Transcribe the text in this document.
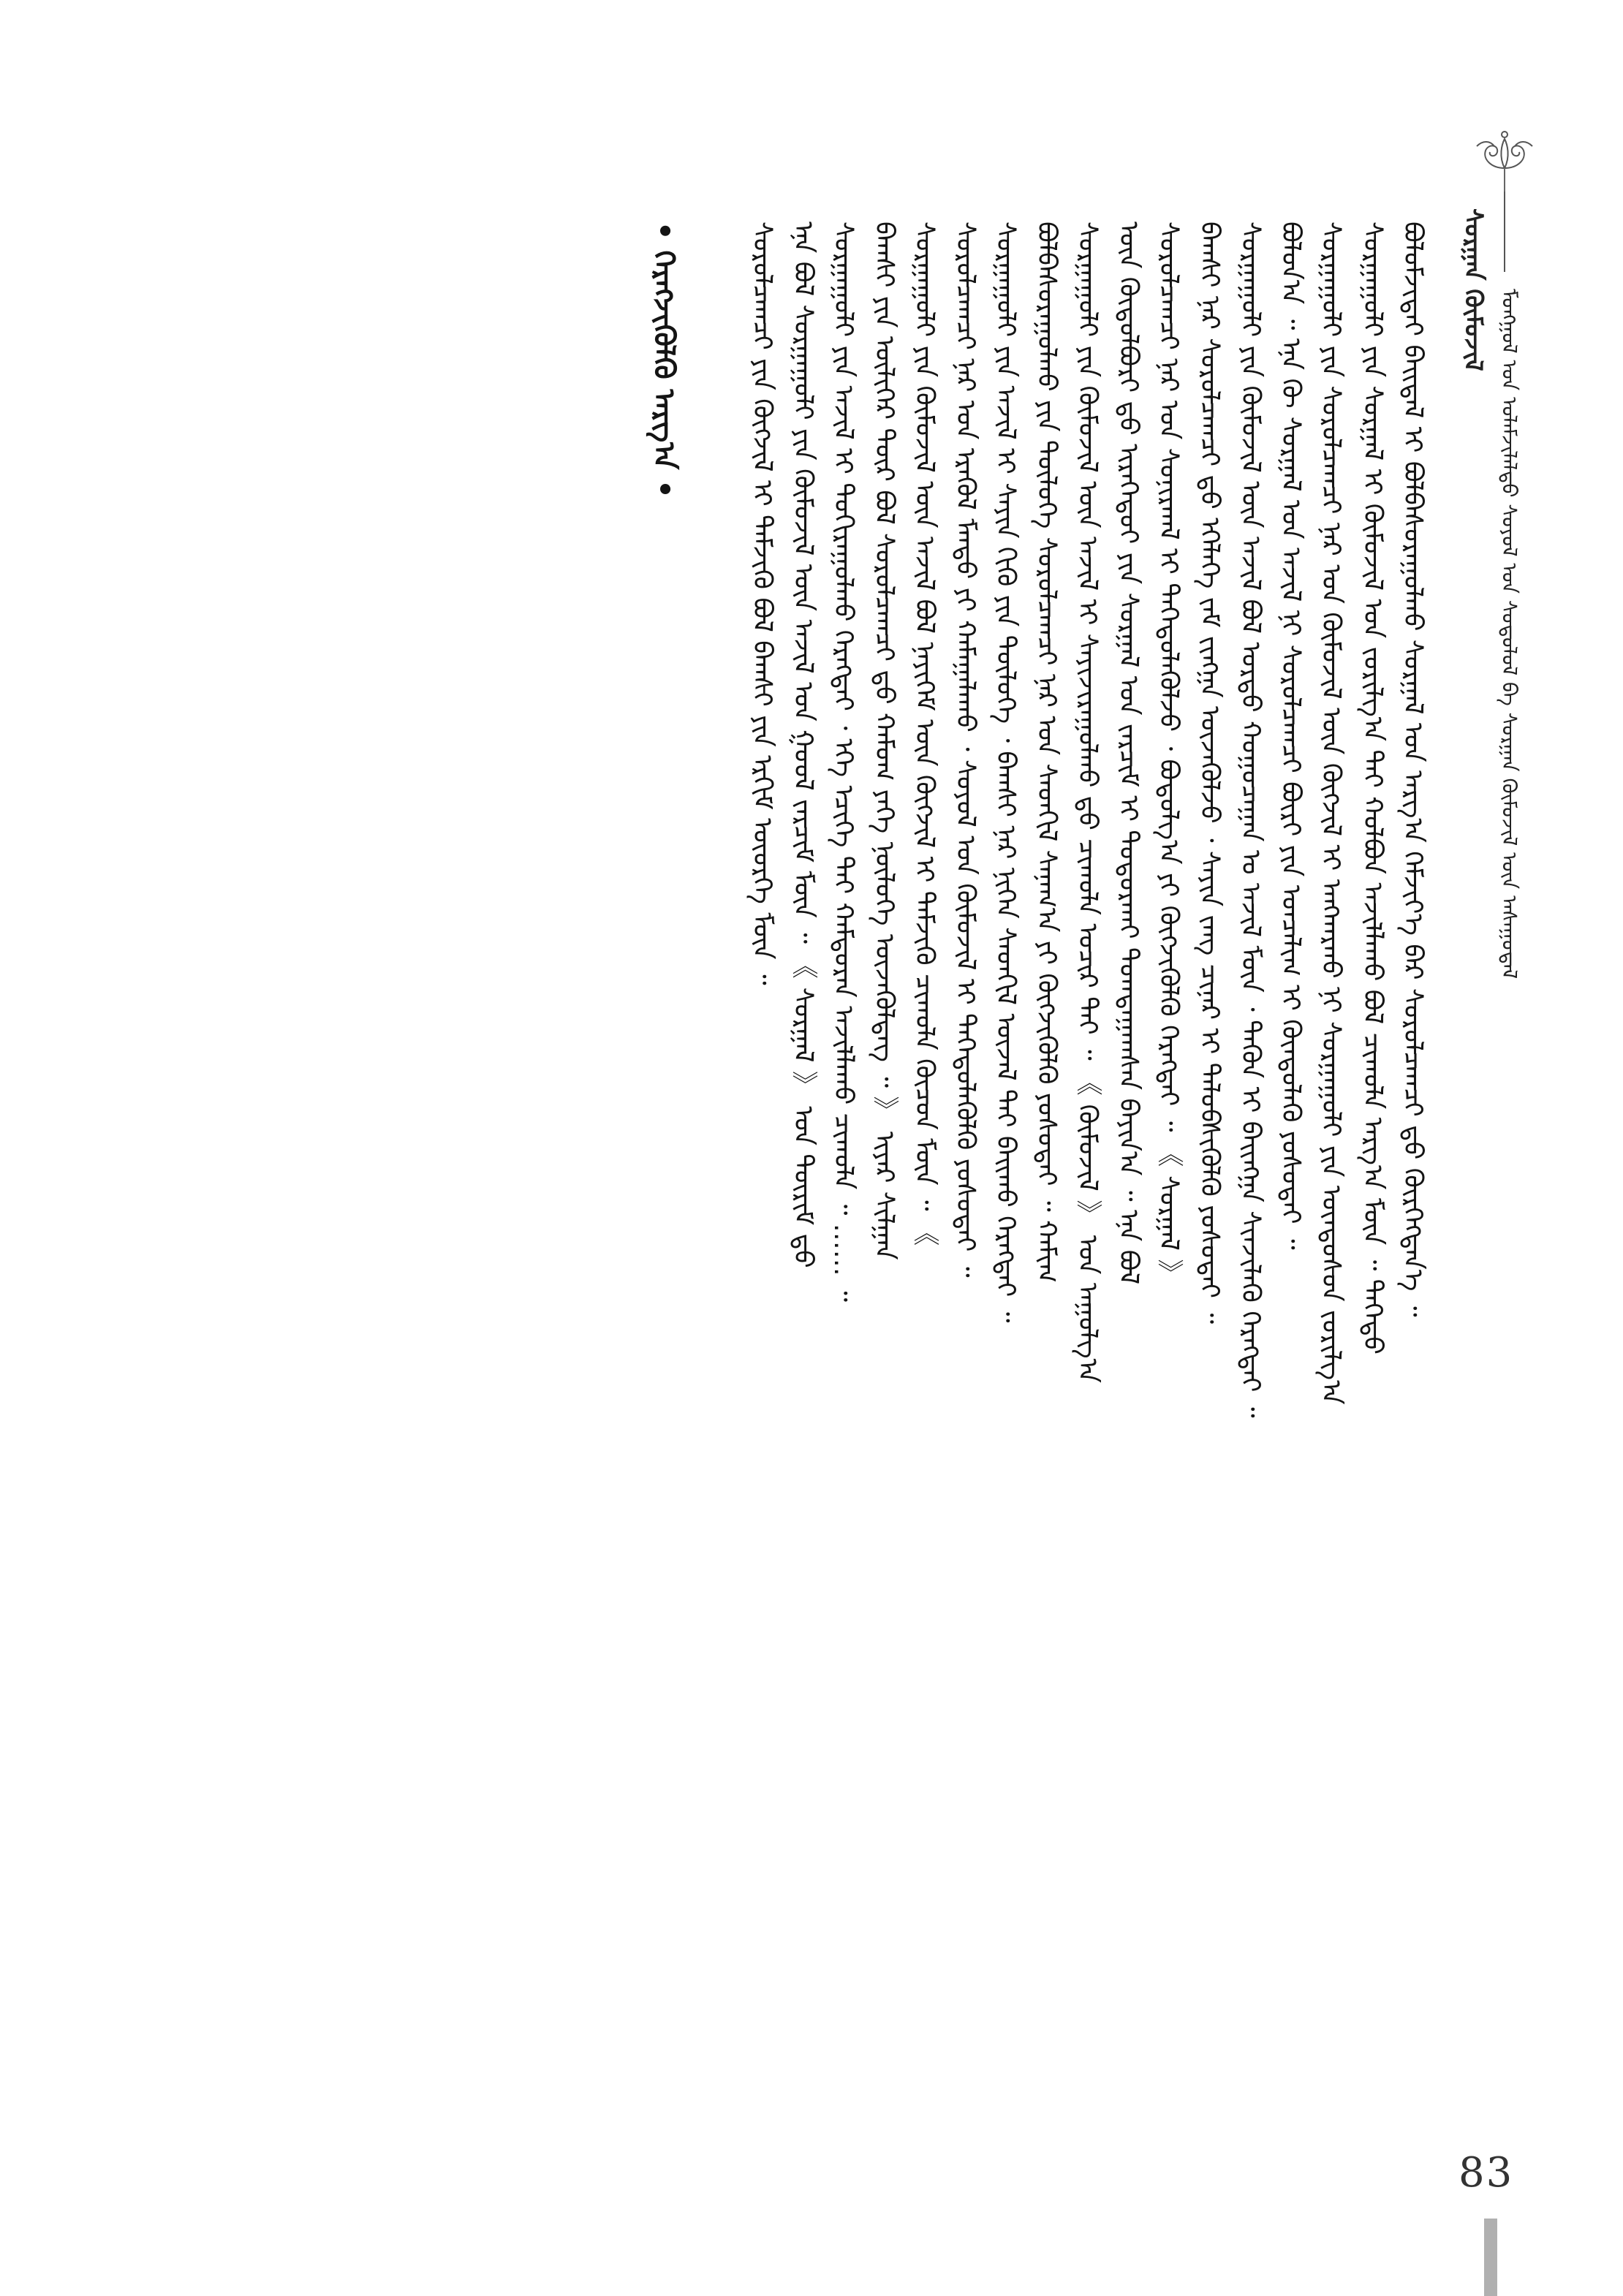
ᠮᠣᠩᠭᠣᠯ ᠤᠨ ᠤᠯᠠᠮᠵᠢᠯᠠᠯᠲᠤ ᠰᠣᠶᠤᠯ ᠤᠨ ᠰᠤᠳᠤᠯᠤᠯ ᠪᠠ ᠰᠤᠷᠭᠠᠨ ᠬᠦᠮᠦᠵᠢᠯ ᠦᠨ ᠠᠰᠠᠭᠤᠳᠠᠯ
ᠰᠤᠷᠭᠠᠨ ᠬᠦᠮᠦᠵᠢᠯ
ᠪᠣᠯᠤᠮᠵᠢᠲᠠᠢ ᠪᠠᠢᠳᠠᠯ ᠢ ᠪᠣᠯᠪᠠᠰᠤᠷᠠᠭᠤᠯᠬᠤ ᠰᠤᠷᠭᠠᠯ ᠤᠨ ᠠᠷᠭ᠎ᠠ ᠬᠡᠮᠵᠢᠶ᠎ᠡ ᠪᠡᠷ ᠰᠤᠷᠤᠯᠴᠠᠭᠴᠢ ᠳ᠋ᠤ ᠬᠦᠷᠭᠡᠭᠳᠡᠨ᠎ᠡ ᠃
ᠰᠤᠷᠭᠠᠭᠤᠯᠢ ᠶᠢᠨ ᠰᠤᠷᠭᠠᠯ ᠢ ᠬᠦᠮᠦᠵᠢᠯ ᠤᠨ ᠵᠣᠷᠢᠯᠭ᠎ᠠ ᠲᠠᠢ ᠬᠣᠯᠪᠣᠨ ᠠᠵᠢᠯᠯᠠᠬᠤ ᠪᠣᠯ ᠴᠢᠬᠤᠯᠠ ᠠᠷᠭ᠎ᠠ ᠮᠥᠨ ᠃ ᠳᠡᠭᠡᠳᠦ
ᠰᠤᠷᠭᠠᠭᠤᠯᠢ ᠶᠢᠨ ᠰᠤᠷᠤᠯᠴᠠᠭᠴᠢ ᠨᠠᠷ ᠤᠨ ᠬᠦᠮᠦᠵᠢᠯ ᠦᠨ ᠬᠥᠭᠵᠢᠯ ᠢ ᠠᠩᠬᠠᠷᠬᠤ ᠨᠢ ᠰᠤᠷᠭᠠᠭᠤᠯᠢ ᠶᠢᠨ ᠦᠨᠳᠦᠰᠦᠨ ᠵᠣᠷᠢᠯᠭ᠎ᠠ
ᠪᠣᠯᠤᠨ᠎ᠠ ᠃ ᠡᠨᠡ ᠬᠦ ᠰᠤᠷᠭᠠᠯ ᠤᠨ ᠠᠵᠢᠯ ᠨᠢ ᠰᠤᠷᠤᠯᠴᠠᠭᠴᠢ ᠪᠦᠷᠢ ᠶᠢᠨ ᠣᠨᠴᠠᠯᠢᠭ ᠢ ᠬᠦᠨᠳᠦᠯᠡᠬᠦ ᠶᠣᠰᠣᠲᠠᠢ ᠃
ᠰᠤᠷᠭᠠᠭᠤᠯᠢ ᠶᠢᠨ ᠬᠦᠮᠦᠵᠢᠯ ᠦᠨ ᠠᠵᠢᠯ ᠪᠣᠯ ᠤᠷᠲᠤ ᠬᠤᠭᠤᠴᠠᠭᠠᠨ ᠤ ᠠᠵᠢᠯ ᠮᠥᠨ ᠂ ᠲᠡᠭᠦᠨ ᠢ ᠪᠠᠢᠩᠭᠠ ᠰᠢᠨᠵᠢᠯᠡᠬᠦ ᠬᠡᠷᠡᠭᠲᠡᠢ ᠃
ᠪᠠᠭᠰᠢ ᠨᠠᠷ ᠰᠤᠷᠤᠯᠴᠠᠭᠴᠢ ᠳ᠋ᠤ ᠡᠭᠡᠯᠡᠭᠡ ᠵᠠᠮ ᠵᠢᠩᠭᠠ ᠦᠵᠡᠭᠦᠯᠵᠦ ᠂ ᠰᠠᠶᠢᠨ ᠵᠠᠩ ᠴᠢᠨᠠᠷ ᠢ ᠲᠡᠯᠦᠪᠰᠢᠭᠦᠯᠬᠦ ᠶᠣᠰᠣᠲᠠᠢ ᠃
ᠰᠤᠷᠤᠯᠴᠠᠭᠴᠢ ᠨᠠᠷ ᠤᠨ ᠰᠣᠨᠢᠷᠬᠠᠯ ᠢ ᠳᠡᠭᠡᠳᠦᠯᠡᠭᠦᠯᠵᠦ ᠂ ᠪᠣᠳᠤᠯᠭ᠎ᠠ ᠶᠢ ᠬᠥᠭᠵᠢᠭᠦᠯᠬᠦ ᠬᠡᠷᠡᠭᠲᠡᠢ ᠃ 《 ᠰᠤᠷᠭᠠᠯ 》
ᠦᠨ ᠬᠥᠲᠥᠯᠪᠦᠷᠢ ᠳ᠋ᠤ ᠢᠷᠡᠭᠡᠳᠦᠢ ᠶᠢᠨ ᠰᠤᠷᠭᠠᠯ ᠤᠨ ᠵᠠᠷᠴᠢᠮ ᠢ ᠲᠣᠳᠤᠷᠬᠠᠢ ᠲᠣᠭᠲᠠᠭᠠᠭᠰᠠᠨ ᠪᠠᠶᠢᠨ᠎ᠠ ᠃ ᠡᠨᠡ ᠪᠣᠯ
ᠰᠤᠷᠭᠠᠭᠤᠯᠢ ᠶᠢᠨ ᠬᠦᠮᠦᠵᠢᠯ ᠦᠨ ᠠᠵᠢᠯ ᠢ ᠰᠠᠶᠢᠵᠢᠷᠠᠭᠤᠯᠬᠤ ᠳ᠋ᠤ ᠴᠢᠬᠤᠯᠠ ᠤᠴᠢᠷ ᠲᠠᠢ ᠃ 《 ᠬᠦᠮᠦᠵᠢᠯ 》 ᠤᠨ ᠠᠭᠤᠯᠭ᠎ᠠ
ᠪᠣᠯᠪᠠᠰᠤᠷᠠᠭᠤᠯᠬᠤ ᠶᠢᠨ ᠲᠦᠯᠦᠭᠡ ᠰᠤᠷᠤᠯᠴᠠᠭᠴᠢ ᠨᠠᠷ ᠤᠨ ᠰᠡᠳᠬᠢᠯ ᠰᠠᠨᠠᠭ᠎ᠠ ᠶᠢ ᠬᠥᠭᠵᠢᠭᠦᠯᠬᠦ ᠶᠣᠰᠣᠲᠠᠢ ᠃ ᠬᠠᠮᠢᠭ
ᠰᠤᠷᠭᠠᠭᠤᠯᠢ ᠶᠢᠨ ᠠᠵᠢᠯ ᠢ ᠰᠠᠶᠢᠨ ᠬᠢᠬᠦ ᠶᠢᠨ ᠲᠥᠯᠥᠭᠡ ᠂ ᠪᠠᠭᠰᠢ ᠨᠠᠷ ᠨᠢᠭᠡᠨ ᠰᠡᠳᠬᠢᠯ ᠦᠵᠡᠯ ᠲᠡᠢ ᠪᠠᠢᠬᠤ ᠬᠡᠷᠡᠭᠲᠡᠢ ᠃
ᠰᠤᠷᠤᠯᠴᠠᠭᠴᠢ ᠨᠠᠷ ᠤᠨ ᠡᠷᠡᠭᠦᠯ ᠮᠡᠨᠳᠦ ᠶᠢ ᠬᠠᠮᠠᠭᠠᠯᠠᠬᠤ ᠂ ᠰᠣᠶᠣᠯ ᠤᠨ ᠬᠦᠮᠦᠵᠢᠯ ᠢ ᠳᠡᠭᠡᠳᠦᠯᠡᠭᠦᠯᠬᠦ ᠶᠣᠰᠣᠲᠠᠢ ᠃
ᠰᠤᠷᠭᠠᠭᠤᠯᠢ ᠶᠢᠨ ᠬᠦᠮᠦᠵᠢᠯ ᠦᠨ ᠠᠵᠢᠯ ᠪᠣᠯ ᠨᠡᠶᠢᠭᠡᠮ ᠦᠨ ᠬᠥᠭᠵᠢᠯ ᠢ ᠳᠡᠮᠵᠢᠬᠦ ᠴᠢᠬᠤᠯᠠ ᠬᠦᠴᠦᠨ ᠮᠥᠨ ᠃ 《
ᠪᠠᠭᠰᠢ ᠶᠢᠨ ᠦᠯᠢᠭᠡᠷ ᠳᠦᠷ ᠪᠣᠯ ᠰᠤᠷᠤᠯᠴᠠᠭᠴᠢ ᠳ᠋ᠤ ᠬᠠᠮᠤᠭ ᠶᠡᠬᠡ ᠨᠥᠯᠥᠭᠡ ᠦᠵᠡᠭᠦᠯᠳᠡᠭ ᠃ 》 ᠢᠶᠠᠷ ᠰᠢᠯᠭᠠᠨ
ᠰᠤᠷᠭᠠᠭᠤᠯᠢ ᠶᠢᠨ ᠠᠵᠢᠯ ᠢ ᠲᠣᠬᠢᠷᠠᠭᠤᠯᠬᠤ ᠬᠡᠷᠡᠭᠲᠡᠢ ᠂ ᠡᠬᠡ ᠡᠴᠢᠭᠡ ᠲᠠᠢ ᠬᠠᠮᠲᠤᠷᠠᠨ ᠠᠵᠢᠯᠯᠠᠬᠤ ᠴᠢᠬᠤᠯᠠ ᠃ …… ᠃
ᠡᠨᠡ ᠪᠣᠯ ᠰᠤᠷᠭᠠᠭᠤᠯᠢ ᠶᠢᠨ ᠬᠦᠮᠦᠵᠢᠯ ᠦᠨ ᠠᠵᠢᠯ ᠤᠨ ᠭᠣᠣᠯ ᠵᠠᠷᠴᠢᠮ ᠮᠥᠨ ᠃ 《 ᠰᠤᠷᠭᠠᠯ 》 ᠤᠨ ᠳᠦᠷᠢᠮ ᠳ᠋ᠤ
ᠰᠤᠷᠤᠯᠴᠠᠭᠴᠢ ᠶᠢᠨ ᠬᠥᠭᠵᠢᠯ ᠢ ᠳᠡᠮᠵᠢᠬᠦ ᠪᠣᠯ ᠪᠠᠭᠰᠢ ᠶᠢᠨ ᠡᠷᠬᠢᠮ ᠦᠦᠷᠭᠡ ᠮᠥᠨ ᠃
• ᠬᠡᠷᠡᠭᠵᠢᠭᠦᠯᠬᠦ ᠠᠷᠭ᠎ᠠ •
83
